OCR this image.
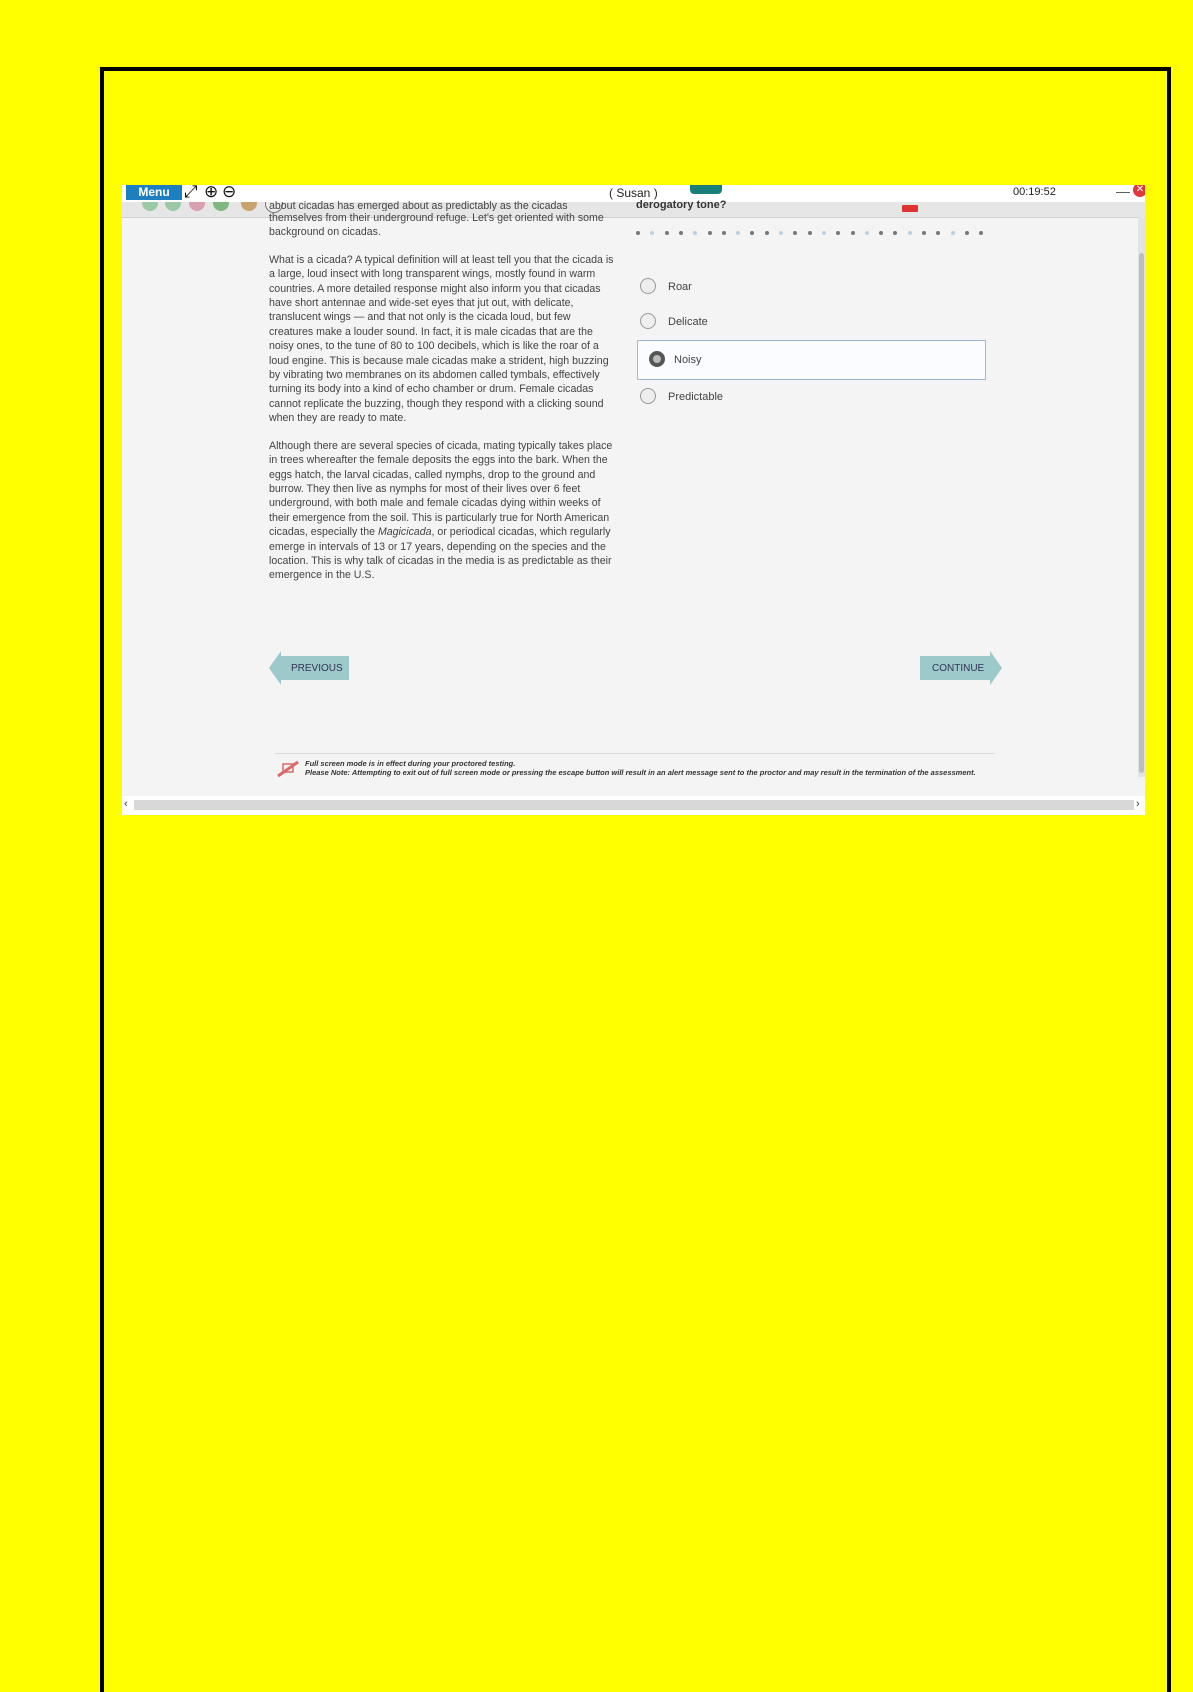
Menu ⤢ ⊕ ⊖	( Susan )	00:19:52	— ✕

about cicadas has emerged about as predictably as the cicadas

themselves from their underground refuge. Let's get oriented with some background on cicadas.

What is a cicada? A typical definition will at least tell you that the cicada is a large, loud insect with long transparent wings, mostly found in warm countries. A more detailed response might also inform you that cicadas have short antennae and wide-set eyes that jut out, with delicate, translucent wings — and that not only is the cicada loud, but few creatures make a louder sound. In fact, it is male cicadas that are the noisy ones, to the tune of 80 to 100 decibels, which is like the roar of a loud engine. This is because male cicadas make a strident, high buzzing by vibrating two membranes on its abdomen called tymbals, effectively turning its body into a kind of echo chamber or drum. Female cicadas cannot replicate the buzzing, though they respond with a clicking sound when they are ready to mate.

Although there are several species of cicada, mating typically takes place in trees whereafter the female deposits the eggs into the bark. When the eggs hatch, the larval cicadas, called nymphs, drop to the ground and burrow. They then live as nymphs for most of their lives over 6 feet underground, with both male and female cicadas dying within weeks of their emergence from the soil. This is particularly true for North American cicadas, especially the Magicicada, or periodical cicadas, which regularly emerge in intervals of 13 or 17 years, depending on the species and the location. This is why talk of cicadas in the media is as predictable as their emergence in the U.S.

derogatory tone?
Roar
Delicate
Noisy
Predictable
PREVIOUS	CONTINUE
Full screen mode is in effect during your proctored testing.
Please Note: Attempting to exit out of full screen mode or pressing the escape button will result in an alert message sent to the proctor and may result in the termination of the assessment.
‹	›
